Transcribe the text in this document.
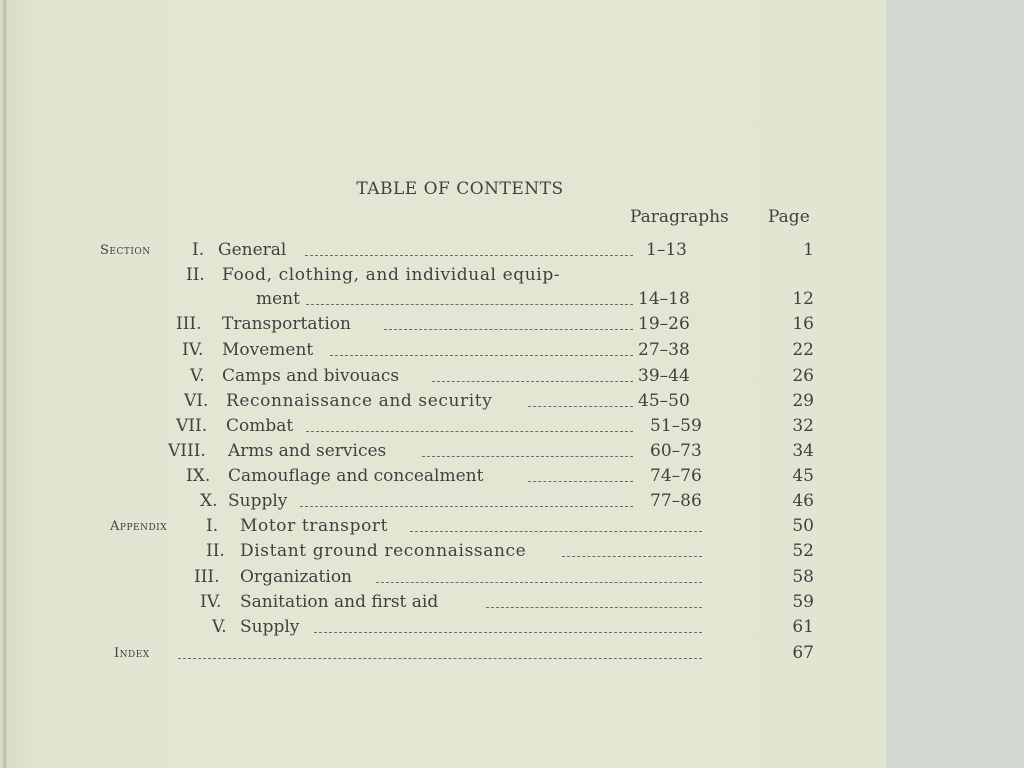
TABLE OF CONTENTS
Paragraphs Page
Section I. General	1–13	1
II. Food, clothing, and individual equip-
ment	14–18	12
III. Transportation	19–26	16
IV. Movement	27–38	22
V. Camps and bivouacs	39–44	26
VI. Reconnaissance and security	45–50	29
VII. Combat	51–59	32
VIII. Arms and services	60–73	34
IX. Camouflage and concealment	74–76	45
X. Supply	77–86	46
Appendix I. Motor transport	50
II. Distant ground reconnaissance	52
III. Organization	58
IV. Sanitation and first aid	59
V. Supply	61
Index	67
